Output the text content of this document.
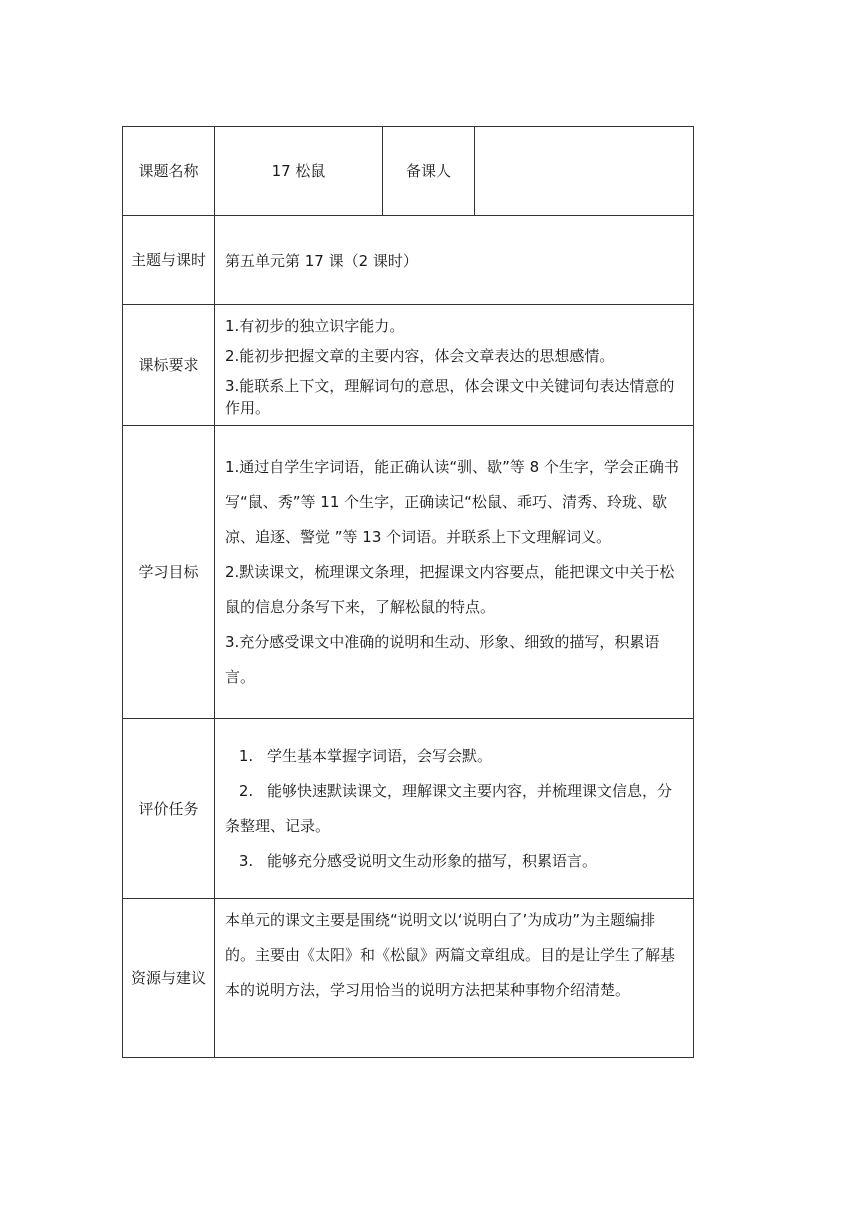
课题名称	17 松鼠	备课人	
主题与课时	第五单元第 17 课（2 课时）		
课标要求	1.有初步的独立识字能力。

2.能初步把握文章的主要内容，体会文章表达的思想感情。

3.能联系上下文，理解词句的意思，体会课文中关键词句表达情意的作用。		

学习目标	1.通过自学生字词语，能正确认读“驯、歇”等 8 个生字，学会正确书写“鼠、秀”等 11 个生字，正确读记“松鼠、乖巧、清秀、玲珑、歇凉、追逐、警觉 ”等 13 个词语。并联系上下文理解词义。

2.默读课文，梳理课文条理，把握课文内容要点，能把课文中关于松鼠的信息分条写下来，了解松鼠的特点。

3.充分感受课文中准确的说明和生动、形象、细致的描写，积累语言。		

评价任务	1. 学生基本掌握字词语，会写会默。

2. 能够快速默读课文，理解课文主要内容，并梳理课文信息，分条整理、记录。

3. 能够充分感受说明文生动形象的描写，积累语言。		

资源与建议	本单元的课文主要是围绕“说明文以‘说明白了’为成功”为主题编排的。主要由《太阳》和《松鼠》两篇文章组成。目的是让学生了解基本的说明方法，学习用恰当的说明方法把某种事物介绍清楚。		
